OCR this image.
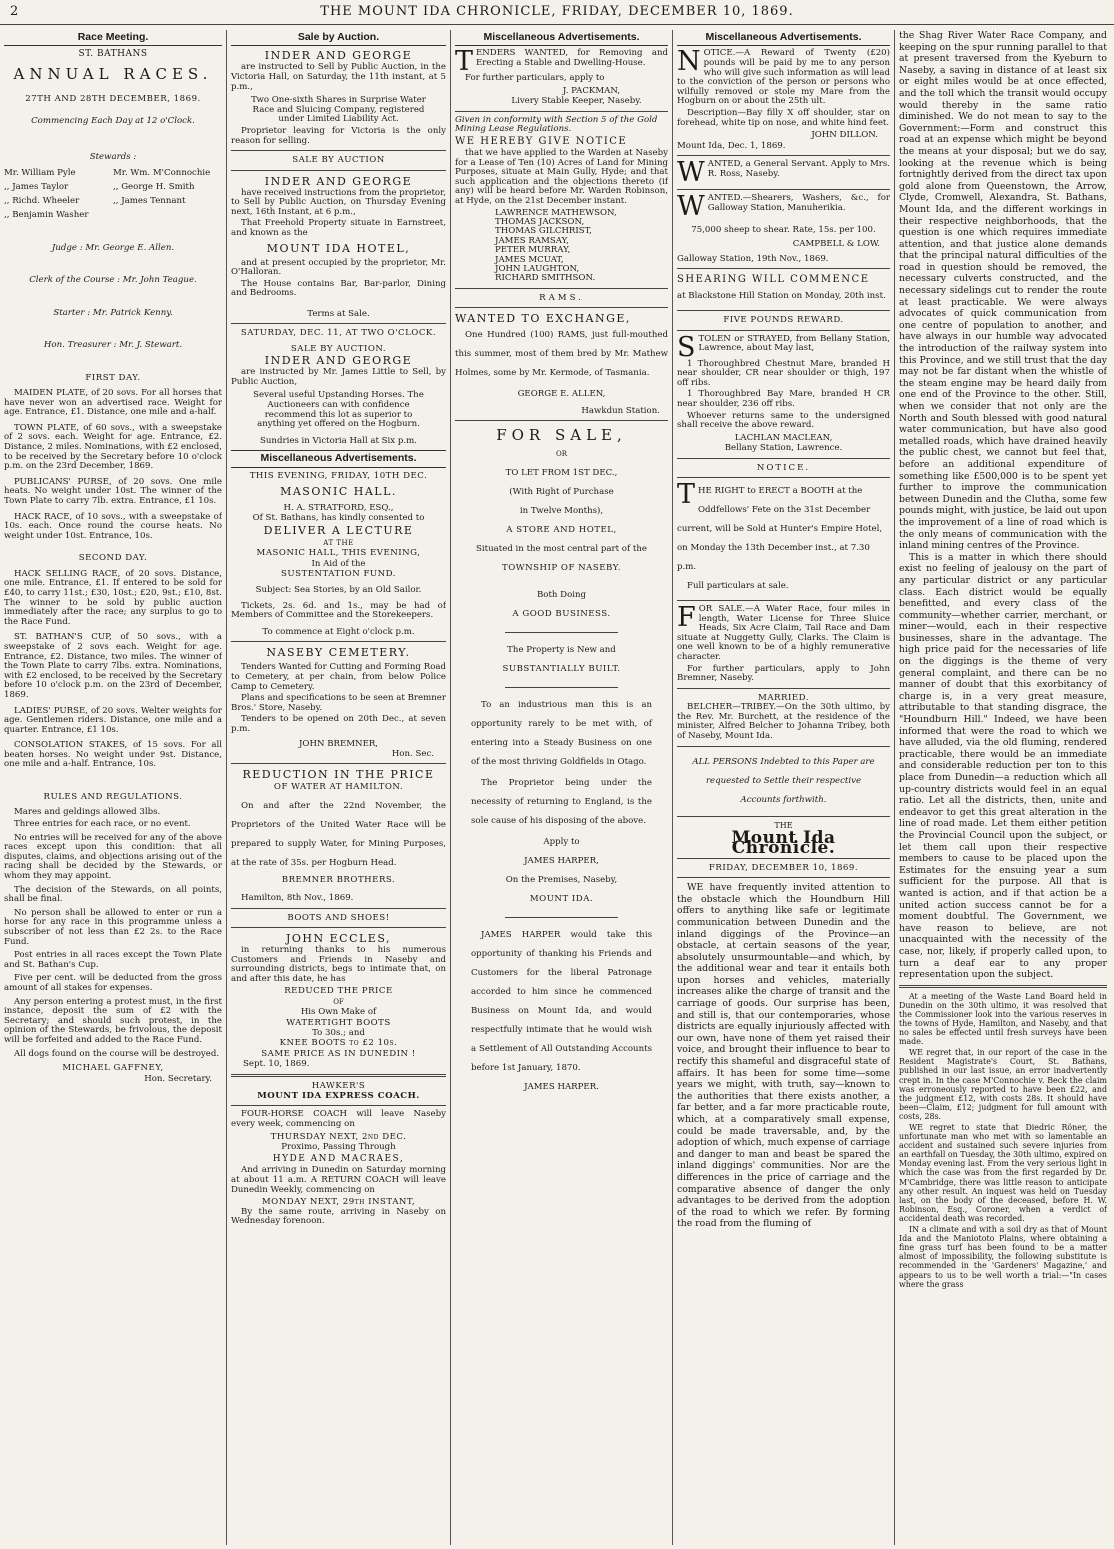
2	THE MOUNT IDA CHRONICLE, FRIDAY, DECEMBER 10, 1869.
Race Meeting.
ST. BATHANS
ANNUAL RACES.
27TH AND 28TH DECEMBER, 1869.
Commencing Each Day at 12 o'Clock.
Stewards :
Mr. William Pyle	Mr. Wm. M'Connochie
,, James Taylor	,, George H. Smith
,, Richd. Wheeler	,, James Tennant
,, Benjamin Washer
Judge : Mr. George E. Allen.
Clerk of the Course : Mr. John Teague.
Starter : Mr. Patrick Kenny.
Hon. Treasurer : Mr. J. Stewart.
FIRST DAY.
MAIDEN PLATE, of 20 sovs. For all horses that have never won an advertised race. Weight for age. Entrance, £1. Distance, one mile and a-half.
TOWN PLATE, of 60 sovs., with a sweepstake of 2 sovs. each. Weight for age. Entrance, £2. Distance, 2 miles. Nominations, with £2 enclosed, to be received by the Secretary before 10 o'clock p.m. on the 23rd December, 1869.
PUBLICANS' PURSE, of 20 sovs. One mile heats. No weight under 10st. The winner of the Town Plate to carry 7lb. extra. Entrance, £1 10s.
HACK RACE, of 10 sovs., with a sweepstake of 10s. each. Once round the course heats. No weight under 10st. Entrance, 10s.
SECOND DAY.
HACK SELLING RACE, of 20 sovs. Distance, one mile. Entrance, £1. If entered to be sold for £40, to carry 11st.; £30, 10st.; £20, 9st.; £10, 8st. The winner to be sold by public auction immediately after the race; any surplus to go to the Race Fund.
ST. BATHAN'S CUP, of 50 sovs., with a sweepstake of 2 sovs each. Weight for age. Entrance, £2. Distance, two miles. The winner of the Town Plate to carry 7lbs. extra. Nominations, with £2 enclosed, to be received by the Secretary before 10 o'clock p.m. on the 23rd of December, 1869.
LADIES' PURSE, of 20 sovs. Welter weights for age. Gentlemen riders. Distance, one mile and a quarter. Entrance, £1 10s.
CONSOLATION STAKES, of 15 sovs. For all beaten horses. No weight under 9st. Distance, one mile and a-half. Entrance, 10s.
RULES AND REGULATIONS.
Mares and geldings allowed 3lbs.
Three entries for each race, or no event.
No entries will be received for any of the above races except upon this condition: that all disputes, claims, and objections arising out of the racing shall be decided by the Stewards, or whom they may appoint.
The decision of the Stewards, on all points, shall be final.
No person shall be allowed to enter or run a horse for any race in this programme unless a subscriber of not less than £2 2s. to the Race Fund.
Post entries in all races except the Town Plate and St. Bathan's Cup.
Five per cent. will be deducted from the gross amount of all stakes for expenses.
Any person entering a protest must, in the first instance, deposit the sum of £2 with the Secretary; and should such protest, in the opinion of the Stewards, be frivolous, the deposit will be forfeited and added to the Race Fund.
All dogs found on the course will be destroyed.
MICHAEL GAFFNEY,
Hon. Secretary.
Sale by Auction.
INDER AND GEORGE
are instructed to Sell by Public Auction, in the Victoria Hall, on Saturday, the 11th instant, at 5 p.m.,
Two One-sixth Shares in Surprise Water Race and Sluicing Company, registered under Limited Liability Act.
Proprietor leaving for Victoria is the only reason for selling.
SALE BY AUCTION
INDER AND GEORGE
have received instructions from the proprietor, to Sell by Public Auction, on Thursday Evening next, 16th Instant, at 6 p.m.,
That Freehold Property situate in Earnstreet, and known as the
MOUNT IDA HOTEL,
and at present occupied by the proprietor, Mr. O'Halloran.
The House contains Bar, Bar-parlor, Dining and Bedrooms.
Terms at Sale.
SATURDAY, DEC. 11, AT TWO O'CLOCK.
SALE BY AUCTION.
INDER AND GEORGE
are instructed by Mr. James Little to Sell, by Public Auction,
Several useful Upstanding Horses. The Auctioneers can with confidence recommend this lot as superior to anything yet offered on the Hogburn.
Sundries in Victoria Hall at Six p.m.
Miscellaneous Advertisements.
THIS EVENING, FRIDAY, 10TH DEC.
MASONIC HALL.
H. A. STRATFORD, ESQ.,
Of St. Bathans, has kindly consented to
DELIVER A LECTURE
AT THE
MASONIC HALL, THIS EVENING,
In Aid of the
SUSTENTATION FUND.
Subject: Sea Stories, by an Old Sailor.
Tickets, 2s. 6d. and 1s., may be had of Members of Committee and the Storekeepers.
To commence at Eight o'clock p.m.
NASEBY CEMETERY.
Tenders Wanted for Cutting and Forming Road to Cemetery, at per chain, from below Police Camp to Cemetery.
Plans and specifications to be seen at Bremner Bros.' Store, Naseby.
Tenders to be opened on 20th Dec., at seven p.m.
JOHN BREMNER,
Hon. Sec.
REDUCTION IN THE PRICE
OF WATER AT HAMILTON.
On and after the 22nd November, the Proprietors of the United Water Race will be prepared to supply Water, for Mining Purposes, at the rate of 35s. per Hogburn Head.
BREMNER BROTHERS.
Hamilton, 8th Nov., 1869.
BOOTS AND SHOES!
JOHN ECCLES,
in returning thanks to his numerous Customers and Friends in Naseby and surrounding districts, begs to intimate that, on and after this date, he has
REDUCED THE PRICE
OF
His Own Make of
WATERTIGHT BOOTS
To 30s.; and
KNEE BOOTS to £2 10s.
SAME PRICE AS IN DUNEDIN !
Sept. 10, 1869.
HAWKER'S
MOUNT IDA EXPRESS COACH.
FOUR-HORSE COACH will leave Naseby every week, commencing on
THURSDAY NEXT, 2nd DEC.
Proximo, Passing Through
HYDE AND MACRAES,
And arriving in Dunedin on Saturday morning at about 11 a.m. A RETURN COACH will leave Dunedin Weekly, commencing on
MONDAY NEXT, 29th INSTANT,
By the same route, arriving in Naseby on Wednesday forenoon.
Miscellaneous Advertisements.
TENDERS WANTED, for Removing and Erecting a Stable and Dwelling-House.
For further particulars, apply to
J. PACKMAN,
Livery Stable Keeper, Naseby.
Given in conformity with Section 5 of the Gold Mining Lease Regulations.
WE HEREBY GIVE NOTICE
that we have applied to the Warden at Naseby for a Lease of Ten (10) Acres of Land for Mining Purposes, situate at Main Gully, Hyde; and that such application and the objections thereto (if any) will be heard before Mr. Warden Robinson, at Hyde, on the 21st December instant.
LAWRENCE MATHEWSON,
THOMAS JACKSON,
THOMAS GILCHRIST,
JAMES RAMSAY,
PETER MURRAY,
JAMES MCUAT,
JOHN LAUGHTON,
RICHARD SMITHSON.
RAMS.
WANTED TO EXCHANGE,
One Hundred (100) RAMS, just full-mouthed this summer, most of them bred by Mr. Mathew Holmes, some by Mr. Kermode, of Tasmania.
GEORGE E. ALLEN,
Hawkdun Station.
FOR SALE,
OR
TO LET FROM 1ST DEC.,
(With Right of Purchase
in Twelve Months),
A STORE AND HOTEL,
Situated in the most central part of the
TOWNSHIP OF NASEBY.
Both Doing
A GOOD BUSINESS.
The Property is New and
SUBSTANTIALLY BUILT.
To an industrious man this is an opportunity rarely to be met with, of entering into a Steady Business on one of the most thriving Goldfields in Otago.
The Proprietor being under the necessity of returning to England, is the sole cause of his disposing of the above.
Apply to
JAMES HARPER,
On the Premises, Naseby,
MOUNT IDA.
JAMES HARPER would take this opportunity of thanking his Friends and Customers for the liberal Patronage accorded to him since he commenced Business on Mount Ida, and would respectfully intimate that he would wish a Settlement of All Outstanding Accounts before 1st January, 1870.
JAMES HARPER.
Miscellaneous Advertisements.
NOTICE.—A Reward of Twenty (£20) pounds will be paid by me to any person who will give such information as will lead to the conviction of the person or persons who wilfully removed or stole my Mare from the Hogburn on or about the 25th ult.
Description—Bay filly X off shoulder, star on forehead, white tip on nose, and white hind feet.
JOHN DILLON.
Mount Ida, Dec. 1, 1869.
WANTED, a General Servant. Apply to Mrs. R. Ross, Naseby.
WANTED.—Shearers, Washers, &c., for Galloway Station, Manuherikia.
75,000 sheep to shear. Rate, 15s. per 100.
CAMPBELL & LOW.
Galloway Station, 19th Nov., 1869.
SHEARING WILL COMMENCE
at Blackstone Hill Station on Monday, 20th inst.
FIVE POUNDS REWARD.
STOLEN or STRAYED, from Bellany Station, Lawrence, about May last,
1 Thoroughbred Chestnut Mare, branded H near shoulder, CR near shoulder or thigh, 197 off ribs.
1 Thoroughbred Bay Mare, branded H CR near shoulder, 236 off ribs.
Whoever returns same to the undersigned shall receive the above reward.
LACHLAN MACLEAN,
Bellany Station, Lawrence.
NOTICE.
THE RIGHT to ERECT a BOOTH at the Oddfellows' Fete on the 31st December current, will be Sold at Hunter's Empire Hotel, on Monday the 13th December inst., at 7.30 p.m.
Full particulars at sale.
FOR SALE.—A Water Race, four miles in length, Water License for Three Sluice Heads, Six Acre Claim, Tail Race and Dam situate at Nuggetty Gully, Clarks. The Claim is one well known to be of a highly remunerative character.
For further particulars, apply to John Bremner, Naseby.
MARRIED.
BELCHER—TRIBEY.—On the 30th ultimo, by the Rev. Mr. Burchett, at the residence of the minister, Alfred Belcher to Johanna Tribey, both of Naseby, Mount Ida.
ALL PERSONS Indebted to this Paper are requested to Settle their respective Accounts forthwith.
THE
Mount Ida Chronicle.
FRIDAY, DECEMBER 10, 1869.
WE have frequently invited attention to the obstacle which the Houndburn Hill offers to anything like safe or legitimate communication between Dunedin and the inland diggings of the Province—an obstacle, at certain seasons of the year, absolutely unsurmountable—and which, by the additional wear and tear it entails both upon horses and vehicles, materially increases alike the charge of transit and the carriage of goods. Our surprise has been, and still is, that our contemporaries, whose districts are equally injuriously affected with our own, have none of them yet raised their voice, and brought their influence to bear to rectify this shameful and disgraceful state of affairs. It has been for some time—some years we might, with truth, say—known to the authorities that there exists another, a far better, and a far more practicable route, which, at a comparatively small expense, could be made traversable, and, by the adoption of which, much expense of carriage and danger to man and beast be spared the inland diggings' communities. Nor are the differences in the price of carriage and the comparative absence of danger the only advantages to be derived from the adoption of the road to which we refer. By forming the road from the fluming of
the Shag River Water Race Company, and keeping on the spur running parallel to that at present traversed from the Kyeburn to Naseby, a saving in distance of at least six or eight miles would be at once effected, and the toll which the transit would occupy would thereby in the same ratio diminished. We do not mean to say to the Government:—Form and construct this road at an expense which might be beyond the means at your disposal; but we do say, looking at the revenue which is being fortnightly derived from the direct tax upon gold alone from Queenstown, the Arrow, Clyde, Cromwell, Alexandra, St. Bathans, Mount Ida, and the different workings in their respective neighborhoods, that the question is one which requires immediate attention, and that justice alone demands that the principal natural difficulties of the road in question should be removed, the necessary culverts constructed, and the necessary sidelings cut to render the route at least practicable. We were always advocates of quick communication from one centre of population to another, and have always in our humble way advocated the introduction of the railway system into this Province, and we still trust that the day may not be far distant when the whistle of the steam engine may be heard daily from one end of the Province to the other. Still, when we consider that not only are the North and South blessed with good natural water communication, but have also good metalled roads, which have drained heavily the public chest, we cannot but feel that, before an additional expenditure of something like £500,000 is to be spent yet further to improve the communication between Dunedin and the Clutha, some few pounds might, with justice, be laid out upon the improvement of a line of road which is the only means of communication with the inland mining centres of the Province.
This is a matter in which there should exist no feeling of jealousy on the part of any particular district or any particular class. Each district would be equally benefitted, and every class of the community—whether carrier, merchant, or miner—would, each in their respective businesses, share in the advantage. The high price paid for the necessaries of life on the diggings is the theme of very general complaint, and there can be no manner of doubt that this exorbitancy of charge is, in a very great measure, attributable to that standing disgrace, the "Houndburn Hill." Indeed, we have been informed that were the road to which we have alluded, via the old fluming, rendered practicable, there would be an immediate and considerable reduction per ton to this place from Dunedin—a reduction which all up-country districts would feel in an equal ratio. Let all the districts, then, unite and endeavor to get this great alteration in the line of road made. Let them either petition the Provincial Council upon the subject, or let them call upon their respective members to cause to be placed upon the Estimates for the ensuing year a sum sufficient for the purpose. All that is wanted is action, and if that action be a united action success cannot be for a moment doubtful. The Government, we have reason to believe, are not unacquainted with the necessity of the case, nor, likely, if properly called upon, to turn a deaf ear to any proper representation upon the subject.
At a meeting of the Waste Land Board held in Dunedin on the 30th ultimo, it was resolved that the Commissioner look into the various reserves in the towns of Hyde, Hamilton, and Naseby, and that no sales be effected until fresh surveys have been made.
WE regret that, in our report of the case in the Resident Magistrate's Court, St. Bathans, published in our last issue, an error inadvertently crept in. In the case M'Connochie v. Beck the claim was erroneously reported to have been £22, and the judgment £12, with costs 28s. It should have been—Claim, £12; judgment for full amount with costs, 28s.
WE regret to state that Diedric Röner, the unfortunate man who met with so lamentable an accident and sustained such severe injuries from an earthfall on Tuesday, the 30th ultimo, expired on Monday evening last. From the very serious light in which the case was from the first regarded by Dr. M'Cambridge, there was little reason to anticipate any other result. An inquest was held on Tuesday last, on the body of the deceased, before H. W. Robinson, Esq., Coroner, when a verdict of accidental death was recorded.
IN a climate and with a soil dry as that of Mount Ida and the Maniototo Plains, where obtaining a fine grass turf has been found to be a matter almost of impossibility, the following substitute is recommended in the 'Gardeners' Magazine,' and appears to us to be well worth a trial:—"In cases where the grass
